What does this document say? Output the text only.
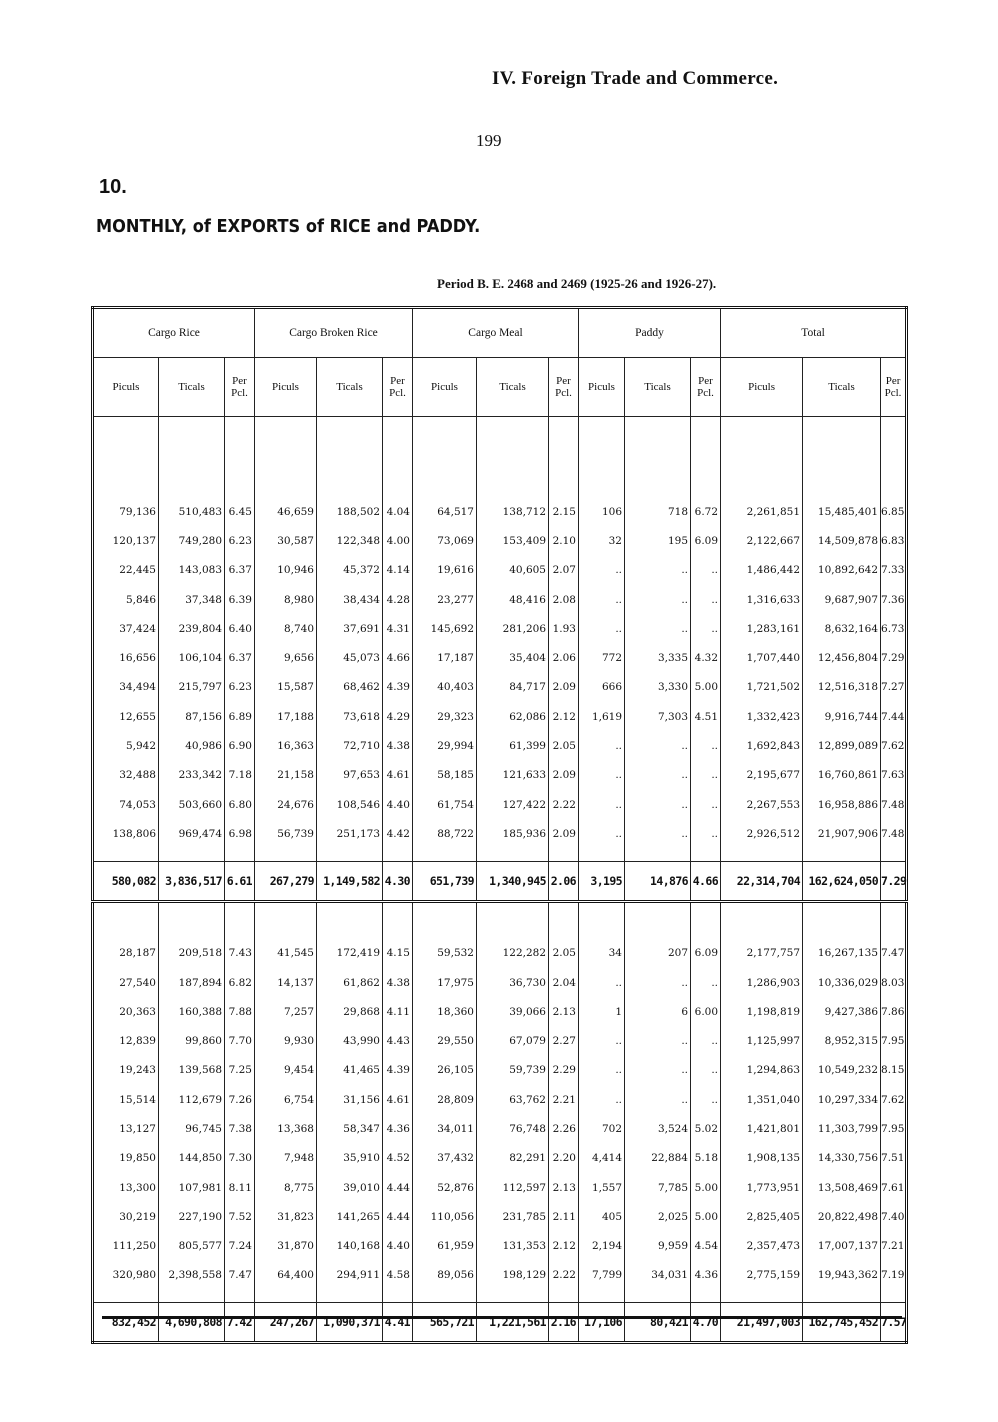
IV. Foreign Trade and Commerce.
199
10.
MONTHLY, of EXPORTS of RICE and PADDY.
Period B. E. 2468 and 2469 (1925-26 and 1926-27).
Cargo Rice			Cargo Broken Rice			Cargo Meal			Paddy			Total		
Piculs	Ticals	Per Pcl.	Piculs	Ticals	Per Pcl.	Piculs	Ticals	Per Pcl.	Piculs	Ticals	Per Pcl.	Piculs	Ticals	Per Pcl.

79,136	510,483	6.45	46,659	188,502	4.04	64,517	138,712	2.15	106	718	6.72	2,261,851	15,485,401	6.85
120,137	749,280	6.23	30,587	122,348	4.00	73,069	153,409	2.10	32	195	6.09	2,122,667	14,509,878	6.83
22,445	143,083	6.37	10,946	45,372	4.14	19,616	40,605	2.07	..	..	..	1,486,442	10,892,642	7.33
5,846	37,348	6.39	8,980	38,434	4.28	23,277	48,416	2.08	..	..	..	1,316,633	9,687,907	7.36
37,424	239,804	6.40	8,740	37,691	4.31	145,692	281,206	1.93	..	..	..	1,283,161	8,632,164	6.73
16,656	106,104	6.37	9,656	45,073	4.66	17,187	35,404	2.06	772	3,335	4.32	1,707,440	12,456,804	7.29
34,494	215,797	6.23	15,587	68,462	4.39	40,403	84,717	2.09	666	3,330	5.00	1,721,502	12,516,318	7.27
12,655	87,156	6.89	17,188	73,618	4.29	29,323	62,086	2.12	1,619	7,303	4.51	1,332,423	9,916,744	7.44
5,942	40,986	6.90	16,363	72,710	4.38	29,994	61,399	2.05	..	..	..	1,692,843	12,899,089	7.62
32,488	233,342	7.18	21,158	97,653	4.61	58,185	121,633	2.09	..	..	..	2,195,677	16,760,861	7.63
74,053	503,660	6.80	24,676	108,546	4.40	61,754	127,422	2.22	..	..	..	2,267,553	16,958,886	7.48
138,806	969,474	6.98	56,739	251,173	4.42	88,722	185,936	2.09	..	..	..	2,926,512	21,907,906	7.48

580,082	3,836,517	6.61	267,279	1,149,582	4.30	651,739	1,340,945	2.06	3,195	14,876	4.66	22,314,704	162,624,050	7.29

28,187	209,518	7.43	41,545	172,419	4.15	59,532	122,282	2.05	34	207	6.09	2,177,757	16,267,135	7.47
27,540	187,894	6.82	14,137	61,862	4.38	17,975	36,730	2.04	..	..	..	1,286,903	10,336,029	8.03
20,363	160,388	7.88	7,257	29,868	4.11	18,360	39,066	2.13	1	6	6.00	1,198,819	9,427,386	7.86
12,839	99,860	7.70	9,930	43,990	4.43	29,550	67,079	2.27	..	..	..	1,125,997	8,952,315	7.95
19,243	139,568	7.25	9,454	41,465	4.39	26,105	59,739	2.29	..	..	..	1,294,863	10,549,232	8.15
15,514	112,679	7.26	6,754	31,156	4.61	28,809	63,762	2.21	..	..	..	1,351,040	10,297,334	7.62
13,127	96,745	7.38	13,368	58,347	4.36	34,011	76,748	2.26	702	3,524	5.02	1,421,801	11,303,799	7.95
19,850	144,850	7.30	7,948	35,910	4.52	37,432	82,291	2.20	4,414	22,884	5.18	1,908,135	14,330,756	7.51
13,300	107,981	8.11	8,775	39,010	4.44	52,876	112,597	2.13	1,557	7,785	5.00	1,773,951	13,508,469	7.61
30,219	227,190	7.52	31,823	141,265	4.44	110,056	231,785	2.11	405	2,025	5.00	2,825,405	20,822,498	7.40
111,250	805,577	7.24	31,870	140,168	4.40	61,959	131,353	2.12	2,194	9,959	4.54	2,357,473	17,007,137	7.21
320,980	2,398,558	7.47	64,400	294,911	4.58	89,056	198,129	2.22	7,799	34,031	4.36	2,775,159	19,943,362	7.19

832,452	4,690,808	7.42	247,267	1,090,371	4.41	565,721	1,221,561	2.16	17,106	80,421	4.70	21,497,003	162,745,452	7.57
